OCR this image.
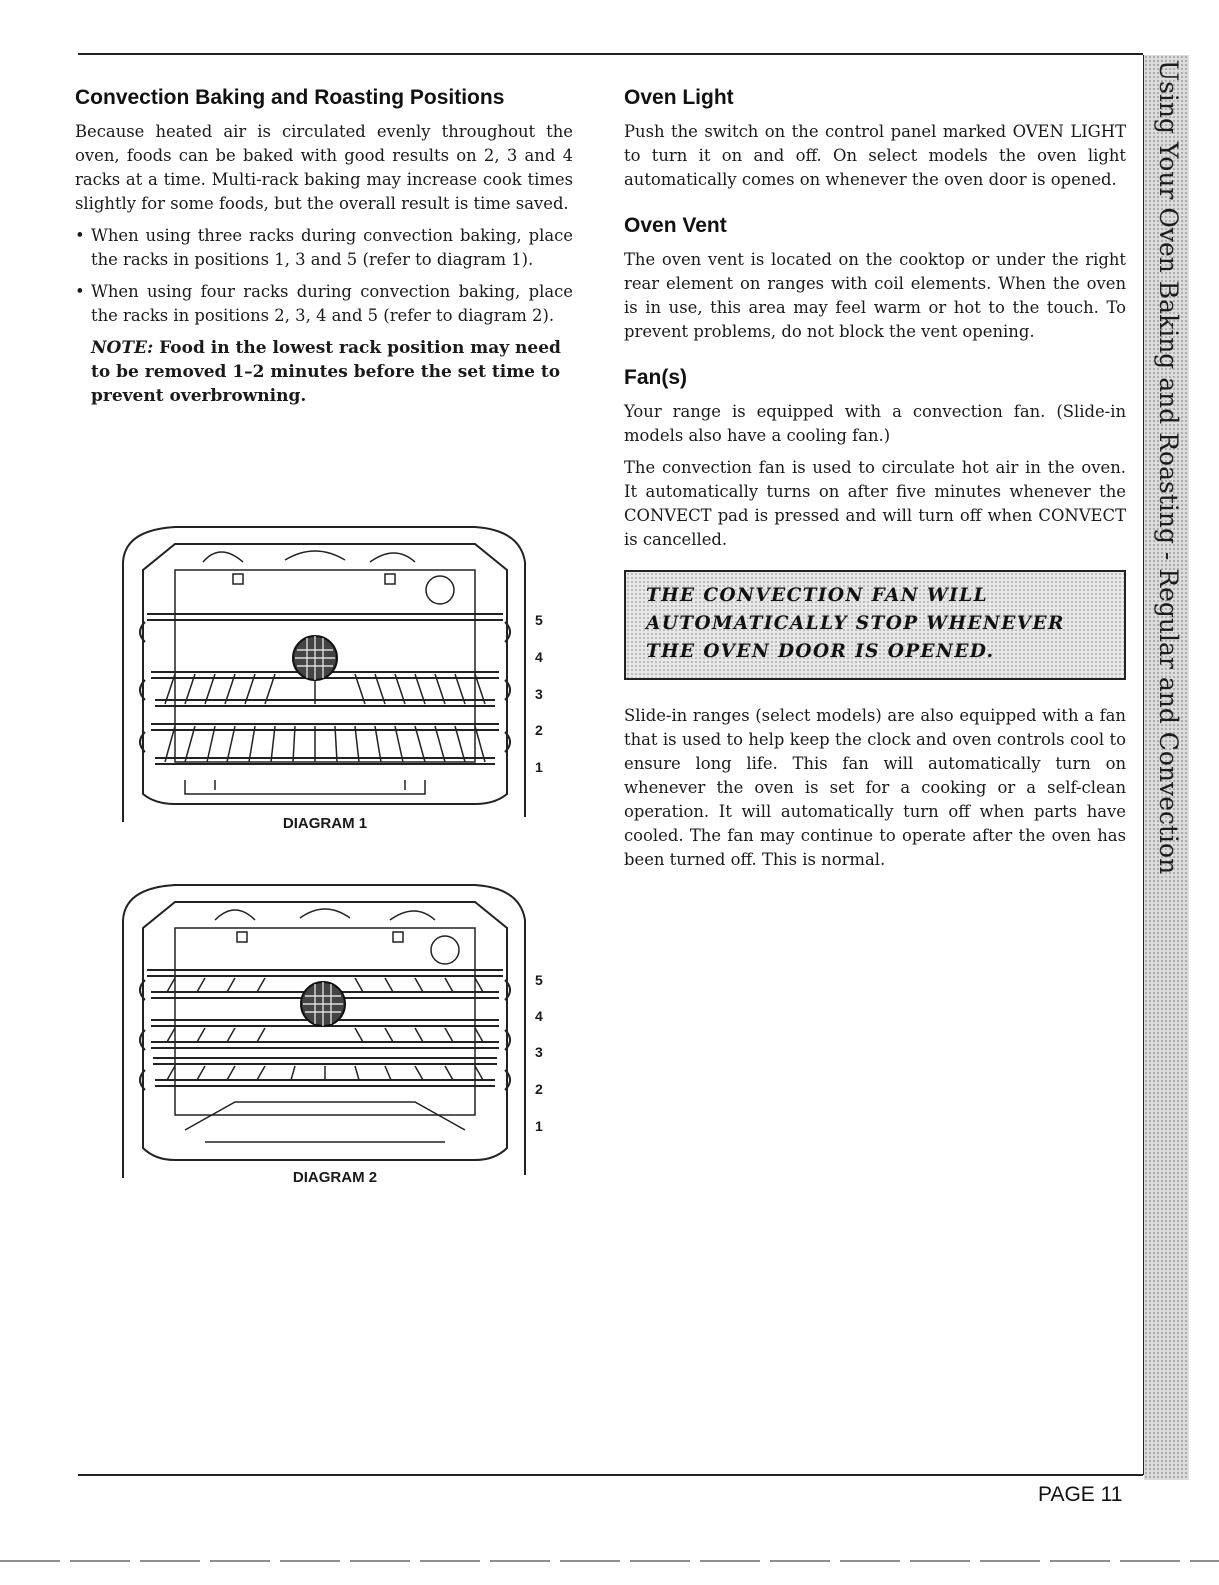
Convection Baking and Roasting Positions

Because heated air is circulated evenly throughout the oven, foods can be baked with good results on 2, 3 and 4 racks at a time. Multi-rack baking may increase cook times slightly for some foods, but the overall result is time saved.

• When using three racks during convection baking, place the racks in positions 1, 3 and 5 (refer to diagram 1).
• When using four racks during convection baking, place the racks in positions 2, 3, 4 and 5 (refer to diagram 2).
NOTE: Food in the lowest rack position may need to be removed 1–2 minutes before the set time to prevent overbrowning.
5
4
3
2
1
DIAGRAM 1
5
4
3
2
1
DIAGRAM 2
Oven Light

Push the switch on the control panel marked OVEN LIGHT to turn it on and off. On select models the oven light automatically comes on whenever the oven door is opened.

Oven Vent

The oven vent is located on the cooktop or under the right rear element on ranges with coil elements. When the oven is in use, this area may feel warm or hot to the touch. To prevent problems, do not block the vent opening.

Fan(s)

Your range is equipped with a convection fan. (Slide-in models also have a cooling fan.)

The convection fan is used to circulate hot air in the oven. It automatically turns on after five minutes whenever the CONVECT pad is pressed and will turn off when CONVECT is cancelled.

THE CONVECTION FAN WILL AUTOMATICALLY STOP WHENEVER THE OVEN DOOR IS OPENED.

Slide-in ranges (select models) are also equipped with a fan that is used to help keep the clock and oven controls cool to ensure long life. This fan will automatically turn on whenever the oven is set for a cooking or a self-clean operation. It will automatically turn off when parts have cooled. The fan may continue to operate after the oven has been turned off. This is normal.	Using Your Oven Baking and Roasting - Regular and Convection
PAGE 11
